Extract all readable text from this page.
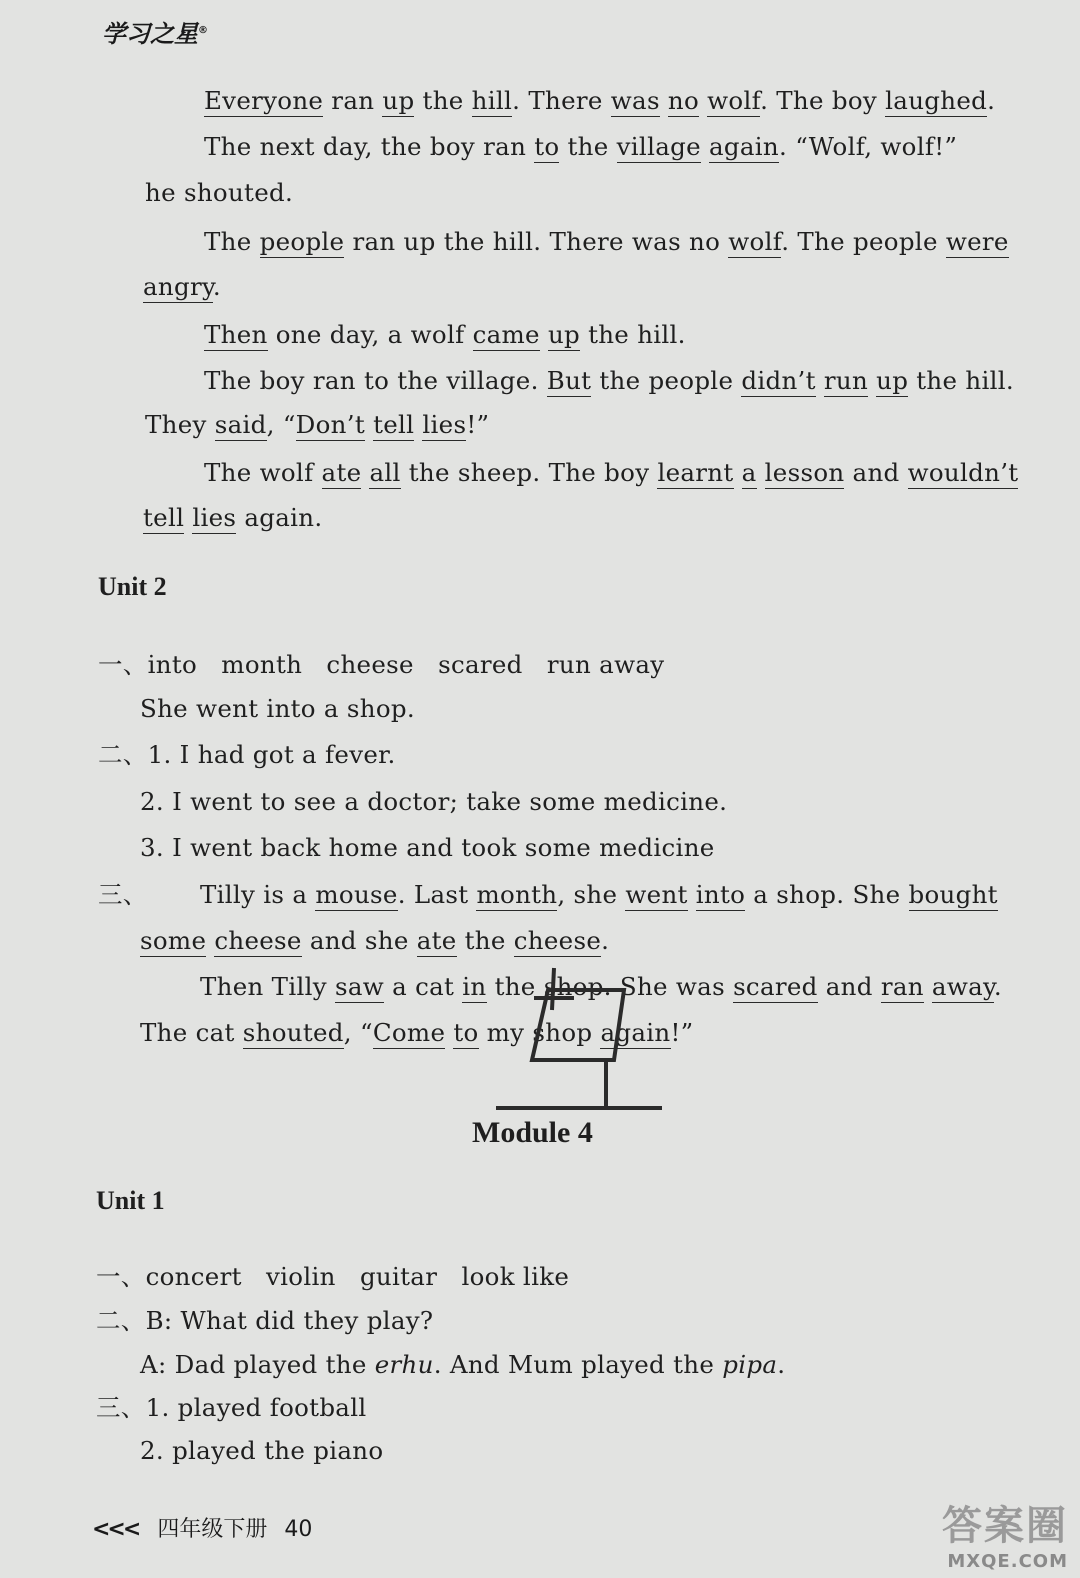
学习之星®
Everyone ran up the hill. There was no wolf. The boy laughed.
The next day, the boy ran to the village again. “Wolf, wolf!”
he shouted.
The people ran up the hill. There was no wolf. The people were
angry.
Then one day, a wolf came up the hill.
The boy ran to the village. But the people didn’t run up the hill.
They said, “Don’t tell lies!”
The wolf ate all the sheep. The boy learnt a lesson and wouldn’t
tell lies again.
Unit 2
一、into   month   cheese   scared   run away
She went into a shop.
二、1. I had got a fever.
2. I went to see a doctor; take some medicine.
3. I went back home and took some medicine
三、 Tilly is a mouse. Last month, she went into a shop. She bought
some cheese and she ate the cheese.
Then Tilly saw a cat in the shop. She was scared and ran away.
The cat shouted, “Come to my shop again!”
Module 4
Unit 1
一、concert   violin   guitar   look like
二、B: What did they play?
A: Dad played the erhu. And Mum played the pipa.
三、1. played football
2. played the piano
<<< 四年级下册 40	答案圈
MXQE.COM
